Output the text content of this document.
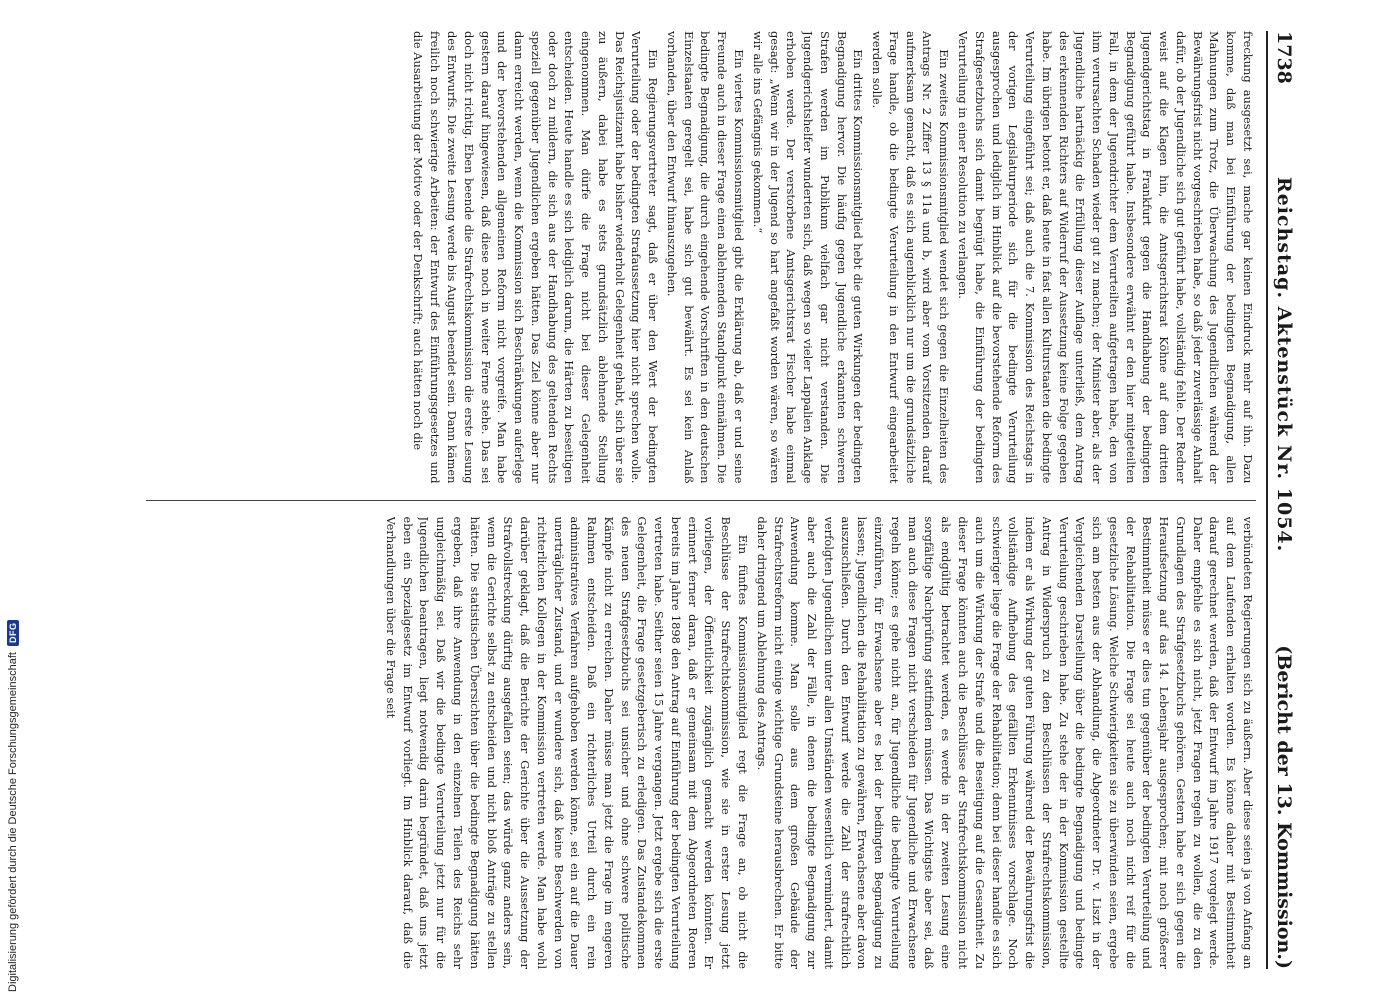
1738
Reichstag. Aktenstück Nr. 1054.
(Bericht der 13. Kommission.)

freckung ausgesetzt sei, mache gar keinen Eindruck mehr auf ihn. Dazu komme, daß man bei Einführung der bedingten Begnadigung, allen Mahnungen zum Trotz, die Überwachung des Jugendlichen während der Bewährungsfrist nicht vorgeschrieben habe, so daß jeder zuverlässige Anhalt dafür, ob der Jugendliche sich gut geführt habe, vollständig fehle. Der Redner weist auf die Klagen hin, die Amtsgerichtsrat Köhne auf dem dritten Jugendgerichtstag in Frankfurt gegen die Handhabung der bedingten Begnadigung geführt habe. Insbesondere erwähnt er den hier mitgeteilten Fall, in dem der Jugendrichter dem Verurteilten aufgetragen habe, den von ihm verursachten Schaden wieder gut zu machen; der Minister aber, als der Jugendliche hartnäckig die Erfüllung dieser Auflage unterließ, dem Antrag des erkennenden Richters auf Widerruf der Aussetzung keine Folge gegeben habe. Im übrigen betont er, daß heute in fast allen Kulturstaaten die bedingte Verurteilung eingeführt sei; daß auch die 7. Kommission des Reichstags in der vorigen Legislaturperiode sich für die bedingte Verurteilung ausgesprochen und lediglich im Hinblick auf die bevorstehende Reform des Strafgesetzbuchs sich damit begnügt habe, die Einführung der bedingten Verurteilung in einer Resolution zu verlangen.

Ein zweites Kommissionsmitglied wendet sich gegen die Einzelheiten des Antrags Nr. 2 Ziffer 13 § 11a und b, wird aber vom Vorsitzenden darauf aufmerksam gemacht, daß es sich augenblicklich nur um die grundsätzliche Frage handle, ob die bedingte Verurteilung in den Entwurf eingearbeitet werden solle.

Ein drittes Kommissionsmitglied hebt die guten Wirkungen der bedingten Begnadigung hervor. Die häufig gegen Jugendliche erkannten schweren Strafen werden im Publikum vielfach gar nicht verstanden. Die Jugendgerichtshelfer wunderten sich, daß wegen so vieler Lappalien Anklage erhoben werde. Der verstorbene Amtsgerichtsrat Fischer habe einmal gesagt: „Wenn wir in der Jugend so hart angefaßt worden wären, so wären wir alle ins Gefängnis gekommen.“

Ein viertes Kommissionsmitglied gibt die Erklärung ab, daß er und seine Freunde auch in dieser Frage einen ablehnenden Standpunkt einnähmen. Die bedingte Begnadigung, die durch eingehende Vorschriften in den deutschen Einzelstaaten geregelt sei, habe sich gut bewährt. Es sei kein Anlaß vorhanden, über den Entwurf hinauszugehen.

Ein Regierungsvertreter sagt, daß er über den Wert der bedingten Verurteilung oder der bedingten Strafaussetzung hier nicht sprechen wolle. Das Reichsjustizamt habe bisher wiederholt Gelegenheit gehabt, sich über sie zu äußern, dabei habe es stets grundsätzlich ablehnende Stellung eingenommen. Man dürfe die Frage nicht bei dieser Gelegenheit entscheiden. Heute handle es sich lediglich darum, die Härten zu beseitigen oder doch zu mildern, die sich aus der Handhabung des geltenden Rechts speziell gegenüber Jugendlichen ergeben hätten. Das Ziel könne aber nur dann erreicht werden, wenn die Kommission sich Beschränkungen auferlege und der bevorstehenden allgemeinen Reform nicht vorgreife. Man habe gestern darauf hingewiesen, daß diese noch in weiter Ferne stehe. Das sei doch nicht richtig. Eben beende die Strafrechtskommission die erste Lesung des Entwurfs. Die zweite Lesung werde bis August beendet sein. Dann kämen freilich noch schwierige Arbeiten: der Entwurf des Einführungsgesetzes und die Ausarbeitung der Motive oder der Denkschrift; auch hätten noch die

verbündeten Regierungen sich zu äußern. Aber diese seien ja von Anfang an auf dem Laufenden erhalten worden. Es könne daher mit Bestimmtheit darauf gerechnet werden, daß der Entwurf im Jahre 1917 vorgelegt werde. Daher empfehle es sich nicht, jetzt Fragen regeln zu wollen, die zu den Grundlagen des Strafgesetzbuchs gehören. Gestern habe er sich gegen die Heraufsetzung auf das 14. Lebensjahr ausgesprochen; mit noch größerer Bestimmtheit müsse er dies tun gegenüber der bedingten Verurteilung und der Rehabilitation. Die Frage sei heute auch noch nicht reif für die gesetzliche Lösung. Welche Schwierigkeiten sie zu überwinden seien, ergebe sich am besten aus der Abhandlung, die Abgeordneter Dr. v. Liszt in der Vergleichenden Darstellung über die bedingte Begnadigung und bedingte Verurteilung geschrieben habe. Zu stehe der in der Kommission gestellte Antrag in Widerspruch zu den Beschlüssen der Strafrechtskommission, indem er als Wirkung der guten Führung während der Bewährungsfrist die vollständige Aufhebung des gefällten Erkenntnisses vorschlage. Noch schwieriger liege die Frage der Rehabilitation; denn bei dieser handle es sich auch um die Wirkung der Strafe und die Beseitigung auf die Gesamtheit. Zu dieser Frage könnten auch die Beschlüsse der Strafrechtskommission nicht als endgültig betrachtet werden, es werde in der zweiten Lesung eine sorgfältige Nachprüfung stattfinden müssen. Das Wichtigste aber sei, daß man auch diese Fragen nicht verschieden für Jugendliche und Erwachsene regeln könne; es gehe nicht an, für Jugendliche die bedingte Verurteilung einzuführen, für Erwachsene aber es bei der bedingten Begnadigung zu lassen; Jugendlichen die Rehabilitation zu gewähren, Erwachsene aber davon auszuschließen. Durch den Entwurf werde die Zahl der strafrechtlich verfolgten Jugendlichen unter allen Umständen wesentlich vermindert, damit aber auch die Zahl der Fälle, in denen die bedingte Begnadigung zur Anwendung komme. Man solle aus dem großen Gebäude der Strafrechtsreform nicht einige wichtige Grundsteine herausbrechen. Er bitte daher dringend um Ablehnung des Antrags.

Ein fünftes Kommissionsmitglied regt die Frage an, ob nicht die Beschlüsse der Strafrechtskommission, wie sie in erster Lesung jetzt vorliegen, der Öffentlichkeit zugänglich gemacht werden könnten. Er erinnert ferner daran, daß er gemeinsam mit dem Abgeordneten Roeren bereits im Jahre 1898 den Antrag auf Einführung der bedingten Verurteilung vertreten habe. Seither seien 15 Jahre vergangen. Jetzt ergebe sich die erste Gelegenheit, die Frage gesetzgeberisch zu erledigen. Das Zustandekommen des neuen Strafgesetzbuchs sei unsicher und ohne schwere politische Kämpfe nicht zu erreichen. Daher müsse man jetzt die Frage im engeren Rahmen entscheiden. Daß ein richterliches Urteil durch ein rein administratives Verfahren aufgehoben werden könne, sei ein auf die Dauer unerträglicher Zustand, und er wundere sich, daß keine Beschwerden von richterlichen Kollegen in der Kommission vertreten werde. Man habe wohl darüber geklagt, daß die Berichte der Gerichte über die Aussetzung der Strafvollstreckung dürftig ausgefallen seien; das würde ganz anders sein, wenn die Gerichte selbst zu entscheiden und nicht bloß Anträge zu stellen hätten. Die statistischen Übersichten über die bedingte Begnadigung hätten ergeben, daß ihre Anwendung in den einzelnen Teilen des Reichs sehr ungleichmäßig sei. Daß wir die bedingte Verurteilung jetzt nur für die Jugendlichen beantragen, liegt notwendig darin begründet, daß uns jetzt eben ein Spezialgesetz im Entwurf vorliegt. Im Hinblick darauf, daß die Verhandlungen über die Frage seit

Digitalisierung gefördert durch die Deutsche Forschungsgemeinschaft
DFG
